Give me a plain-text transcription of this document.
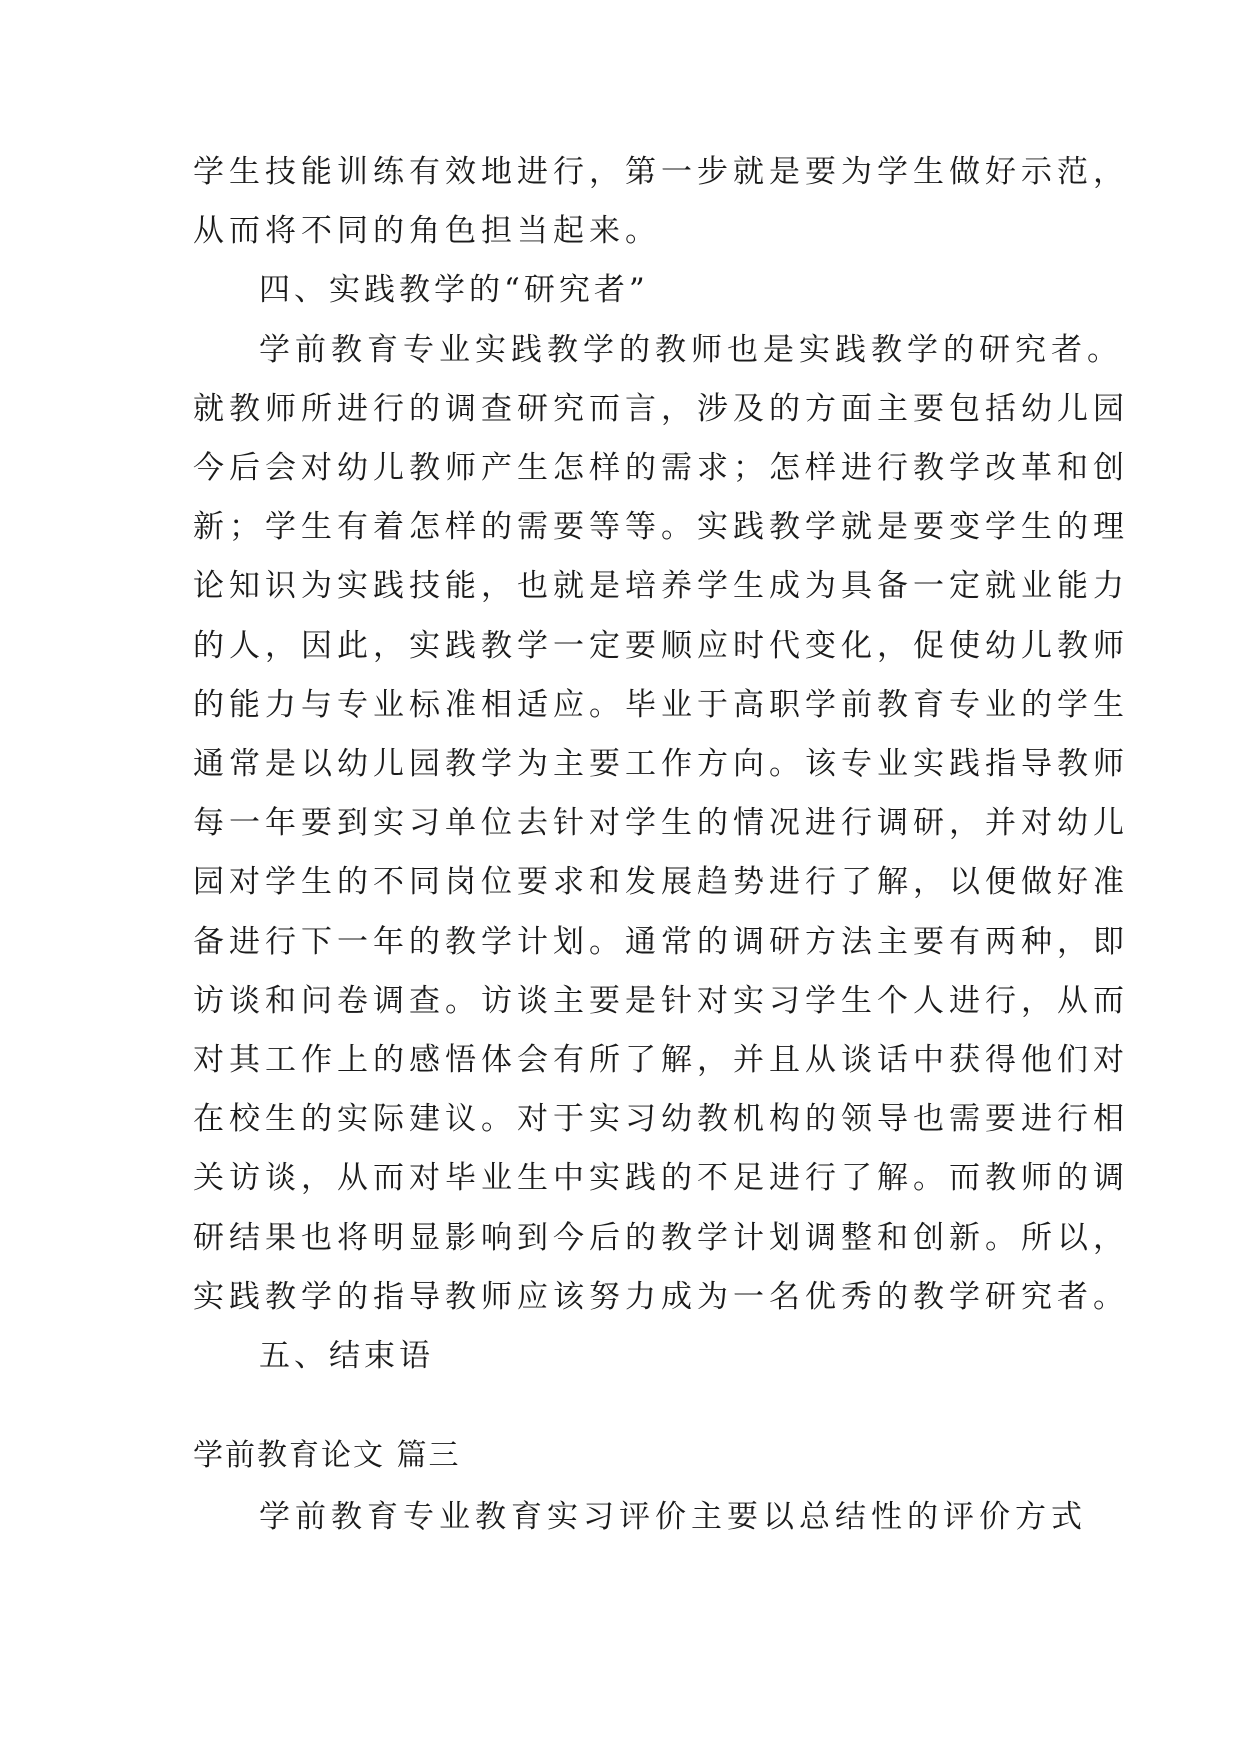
学生技能训练有效地进行，第一步就是要为学生做好示范，
从而将不同的角色担当起来。
四、实践教学的“研究者”
学前教育专业实践教学的教师也是实践教学的研究者。
就教师所进行的调查研究而言，涉及的方面主要包括幼儿园
今后会对幼儿教师产生怎样的需求；怎样进行教学改革和创
新；学生有着怎样的需要等等。实践教学就是要变学生的理
论知识为实践技能，也就是培养学生成为具备一定就业能力
的人，因此，实践教学一定要顺应时代变化，促使幼儿教师
的能力与专业标准相适应。毕业于高职学前教育专业的学生
通常是以幼儿园教学为主要工作方向。该专业实践指导教师
每一年要到实习单位去针对学生的情况进行调研，并对幼儿
园对学生的不同岗位要求和发展趋势进行了解，以便做好准
备进行下一年的教学计划。通常的调研方法主要有两种，即
访谈和问卷调查。访谈主要是针对实习学生个人进行，从而
对其工作上的感悟体会有所了解，并且从谈话中获得他们对
在校生的实际建议。对于实习幼教机构的领导也需要进行相
关访谈，从而对毕业生中实践的不足进行了解。而教师的调
研结果也将明显影响到今后的教学计划调整和创新。所以，
实践教学的指导教师应该努力成为一名优秀的教学研究者。
五、结束语
学前教育论文 篇三
学前教育专业教育实习评价主要以总结性的评价方式
